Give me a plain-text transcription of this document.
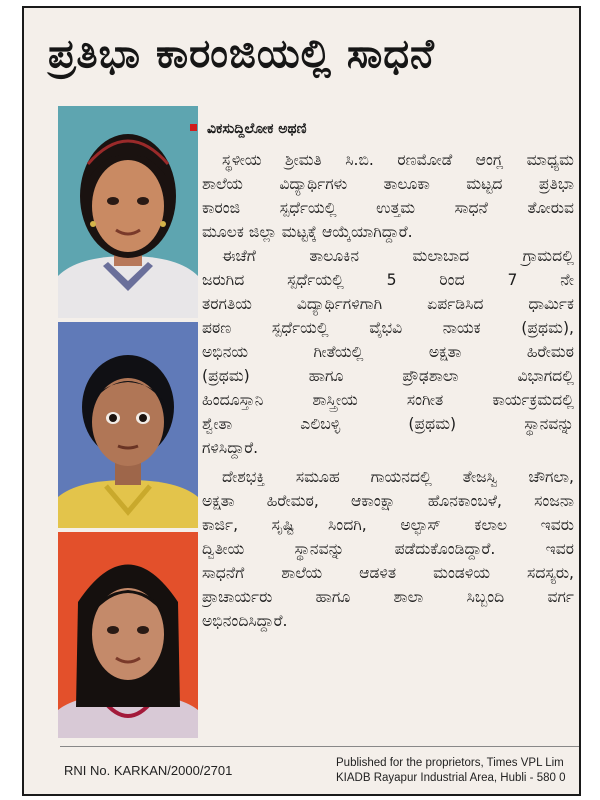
ಪ್ರತಿಭಾ ಕಾರಂಜಿಯಲ್ಲಿ ಸಾಧನೆ
ವಿಕಸುದ್ದಿಲೋಕ ಅಥಣಿ
ಸ್ಥಳೀಯ ಶ್ರೀಮತಿ ಸಿ.ಬಿ. ರಣಮೋಡೆ ಆಂಗ್ಲ ಮಾಧ್ಯಮ
ಶಾಲೆಯ ವಿದ್ಯಾರ್ಥಿಗಳು ತಾಲೂಕಾ ಮಟ್ಟದ ಪ್ರತಿಭಾ
ಕಾರಂಜಿ ಸ್ಪರ್ಧೆಯಲ್ಲಿ ಉತ್ತಮ ಸಾಧನೆ ತೋರುವ
ಮೂಲಕ ಜಿಲ್ಲಾ ಮಟ್ಟಕ್ಕೆ ಆಯ್ಕೆಯಾಗಿದ್ದಾರೆ.
ಈಚೆಗೆ ತಾಲೂಕಿನ ಮಲಾಬಾದ ಗ್ರಾಮದಲ್ಲಿ
ಜರುಗಿದ ಸ್ಪರ್ಧೆಯಲ್ಲಿ 5 ರಿಂದ 7 ನೇ
ತರಗತಿಯ ವಿದ್ಯಾರ್ಥಿಗಳಿಗಾಗಿ ಏರ್ಪಡಿಸಿದ ಧಾರ್ಮಿಕ
ಪಠಣ ಸ್ಪರ್ಧೆಯಲ್ಲಿ ವೈಭವಿ ನಾಯಕ (ಪ್ರಥಮ),
ಅಭಿನಯ ಗೀತೆಯಲ್ಲಿ ಅಕ್ಷತಾ ಹಿರೇಮಠ
(ಪ್ರಥಮ) ಹಾಗೂ ಪ್ರೌಢಶಾಲಾ ವಿಭಾಗದಲ್ಲಿ
ಹಿಂದೂಸ್ತಾನಿ ಶಾಸ್ತ್ರೀಯ ಸಂಗೀತ ಕಾರ್ಯಕ್ರಮದಲ್ಲಿ
ಶ್ವೇತಾ ಎಲಿಬಳ್ಳಿ (ಪ್ರಥಮ) ಸ್ಥಾನವನ್ನು
ಗಳಿಸಿದ್ದಾರೆ.
ದೇಶಭಕ್ತಿ ಸಮೂಹ ಗಾಯನದಲ್ಲಿ ತೇಜಸ್ವಿ ಚೌಗಲಾ,
ಅಕ್ಷತಾ ಹಿರೇಮಠ, ಆಕಾಂಕ್ಷಾ ಹೊನಕಾಂಬಳೆ, ಸಂಜನಾ
ಕಾರ್ಜಿ, ಸೃಷ್ಟಿ ಸಿಂದಗಿ, ಅಲ್ಫಾಸ್ ಕಲಾಲ ಇವರು
ದ್ವಿತೀಯ ಸ್ಥಾನವನ್ನು ಪಡೆದುಕೊಂಡಿದ್ದಾರೆ. ಇವರ
ಸಾಧನೆಗೆ ಶಾಲೆಯ ಆಡಳಿತ ಮಂಡಳಿಯ ಸದಸ್ಯರು,
ಪ್ರಾಚಾರ್ಯರು ಹಾಗೂ ಶಾಲಾ ಸಿಬ್ಬಂದಿ ವರ್ಗ
ಅಭಿನಂದಿಸಿದ್ದಾರೆ.
RNI No. KARKAN/2000/2701	Published for the proprietors, Times VPL Lim
KIADB Rayapur Industrial Area, Hubli - 580 0
